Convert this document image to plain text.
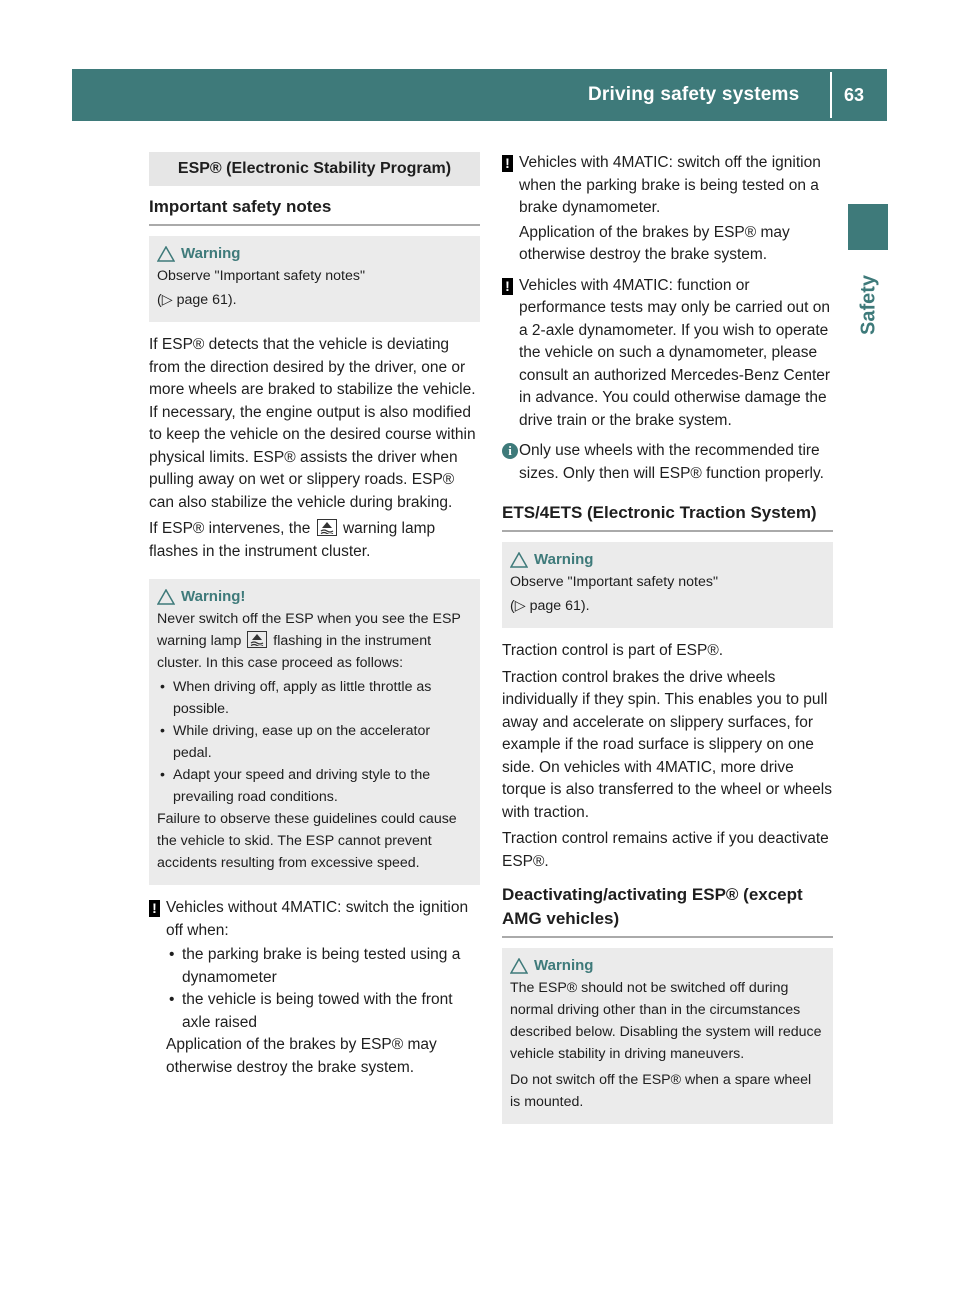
Driving safety systems 63
Safety
ESP® (Electronic Stability Program)
Important safety notes
Warning

Observe "Important safety notes"

(▷ page 61).

If ESP® detects that the vehicle is deviating from the direction desired by the driver, one or more wheels are braked to stabilize the vehicle. If necessary, the engine output is also modified to keep the vehicle on the desired course within physical limits. ESP® assists the driver when pulling away on wet or slippery roads. ESP® can also stabilize the vehicle during braking.

If ESP® intervenes, the warning lamp flashes in the instrument cluster.

Warning!

Never switch off the ESP when you see the ESP warning lamp flashing in the instrument cluster. In this case proceed as follows:

• When driving off, apply as little throttle as possible.
• While driving, ease up on the accelerator pedal.
• Adapt your speed and driving style to the prevailing road conditions.

Failure to observe these guidelines could cause the vehicle to skid. The ESP cannot prevent accidents resulting from excessive speed.

! Vehicles without 4MATIC: switch the ignition off when:
• the parking brake is being tested using a dynamometer
• the vehicle is being towed with the front axle raised

Application of the brakes by ESP® may otherwise destroy the brake system.

! Vehicles with 4MATIC: switch off the ignition when the parking brake is being tested on a brake dynamometer.

Application of the brakes by ESP® may otherwise destroy the brake system.

! Vehicles with 4MATIC: function or performance tests may only be carried out on a 2-axle dynamometer. If you wish to operate the vehicle on such a dynamometer, please consult an authorized Mercedes-Benz Center in advance. You could otherwise damage the drive train or the brake system.
i Only use wheels with the recommended tire sizes. Only then will ESP® function properly.
ETS/4ETS (Electronic Traction System)
Warning

Observe "Important safety notes"

(▷ page 61).

Traction control is part of ESP®.

Traction control brakes the drive wheels individually if they spin. This enables you to pull away and accelerate on slippery surfaces, for example if the road surface is slippery on one side. On vehicles with 4MATIC, more drive torque is also transferred to the wheel or wheels with traction.

Traction control remains active if you deactivate ESP®.

Deactivating/activating ESP® (except AMG vehicles)
Warning

The ESP® should not be switched off during normal driving other than in the circumstances described below. Disabling the system will reduce vehicle stability in driving maneuvers.

Do not switch off the ESP® when a spare wheel is mounted.
